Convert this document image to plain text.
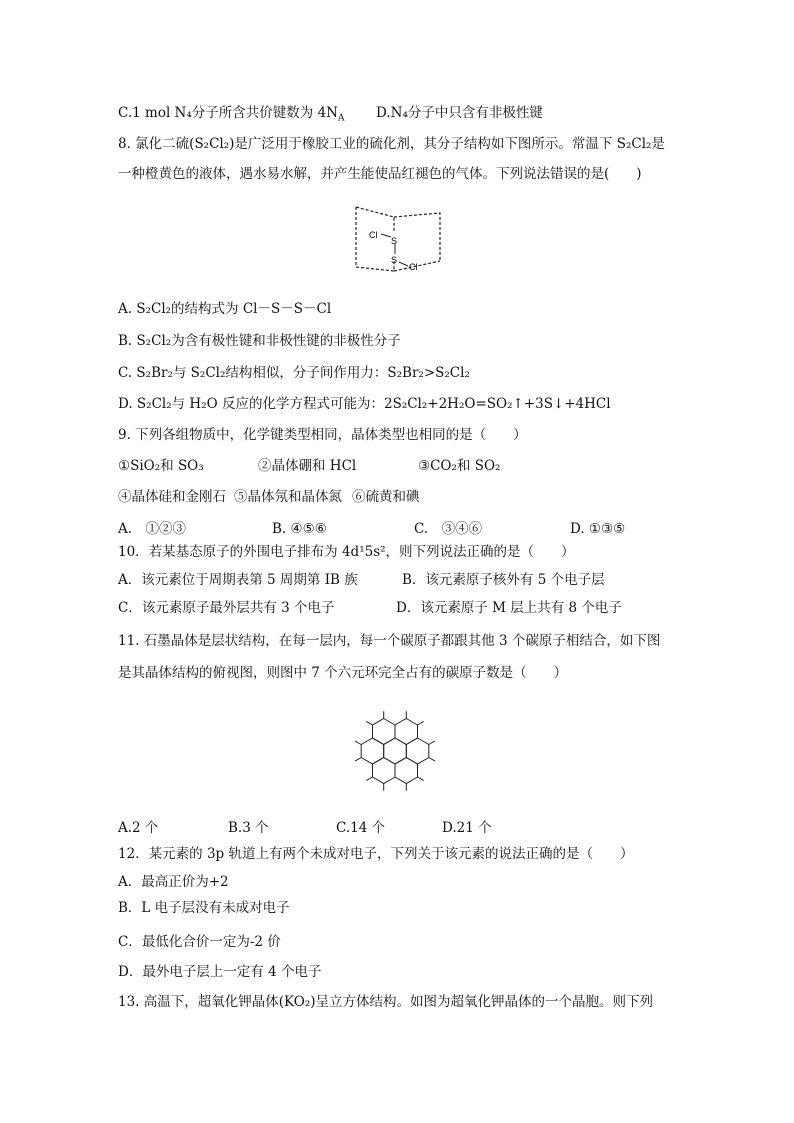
C.1 mol N₄分子所含共价键数为 $4N_A$ D.N₄分子中只含有非极性键
8. 氯化二硫(S₂Cl₂)是广泛用于橡胶工业的硫化剂，其分子结构如下图所示。常温下 S₂Cl₂是
一种橙黄色的液体，遇水易水解，并产生能使品红褪色的气体。下列说法错误的是(　　)
Cl
S
S
Cl
A. S₂Cl₂的结构式为 Cl－S－S－Cl
B. S₂Cl₂为含有极性键和非极性键的非极性分子
C. S₂Br₂与 S₂Cl₂结构相似，分子间作用力：S₂Br₂>S₂Cl₂
D. S₂Cl₂与 H₂O 反应的化学方程式可能为：2S₂Cl₂+2H₂O=SO₂↑+3S↓+4HCl
9. 下列各组物质中，化学键类型相同，晶体类型也相同的是（　　）
①SiO₂和 SO₃	②晶体硼和 HCl	③CO₂和 SO₂
④晶体硅和金刚石 ⑤晶体氖和晶体氮 ⑥硫黄和碘
A.　①②③	B. ④⑤⑥	C.　③④⑥	D. ①③⑤
10．若某基态原子的外围电子排布为 4d¹5s²，则下列说法正确的是（　　）
A．该元素位于周期表第 5 周期第 IB 族	B．该元素原子核外有 5 个电子层
C．该元素原子最外层共有 3 个电子	D．该元素原子 M 层上共有 8 个电子
11. 石墨晶体是层状结构，在每一层内，每一个碳原子都跟其他 3 个碳原子相结合，如下图
是其晶体结构的俯视图，则图中 7 个六元环完全占有的碳原子数是（　　）
A.2 个	B.3 个	C.14 个	D.21 个
12．某元素的 3p 轨道上有两个未成对电子，下列关于该元素的说法正确的是（　　）
A．最高正价为+2
B．L 电子层没有未成对电子
C．最低化合价一定为-2 价
D．最外电子层上一定有 4 个电子
13. 高温下，超氧化钾晶体(KO₂)呈立方体结构。如图为超氧化钾晶体的一个晶胞。则下列
